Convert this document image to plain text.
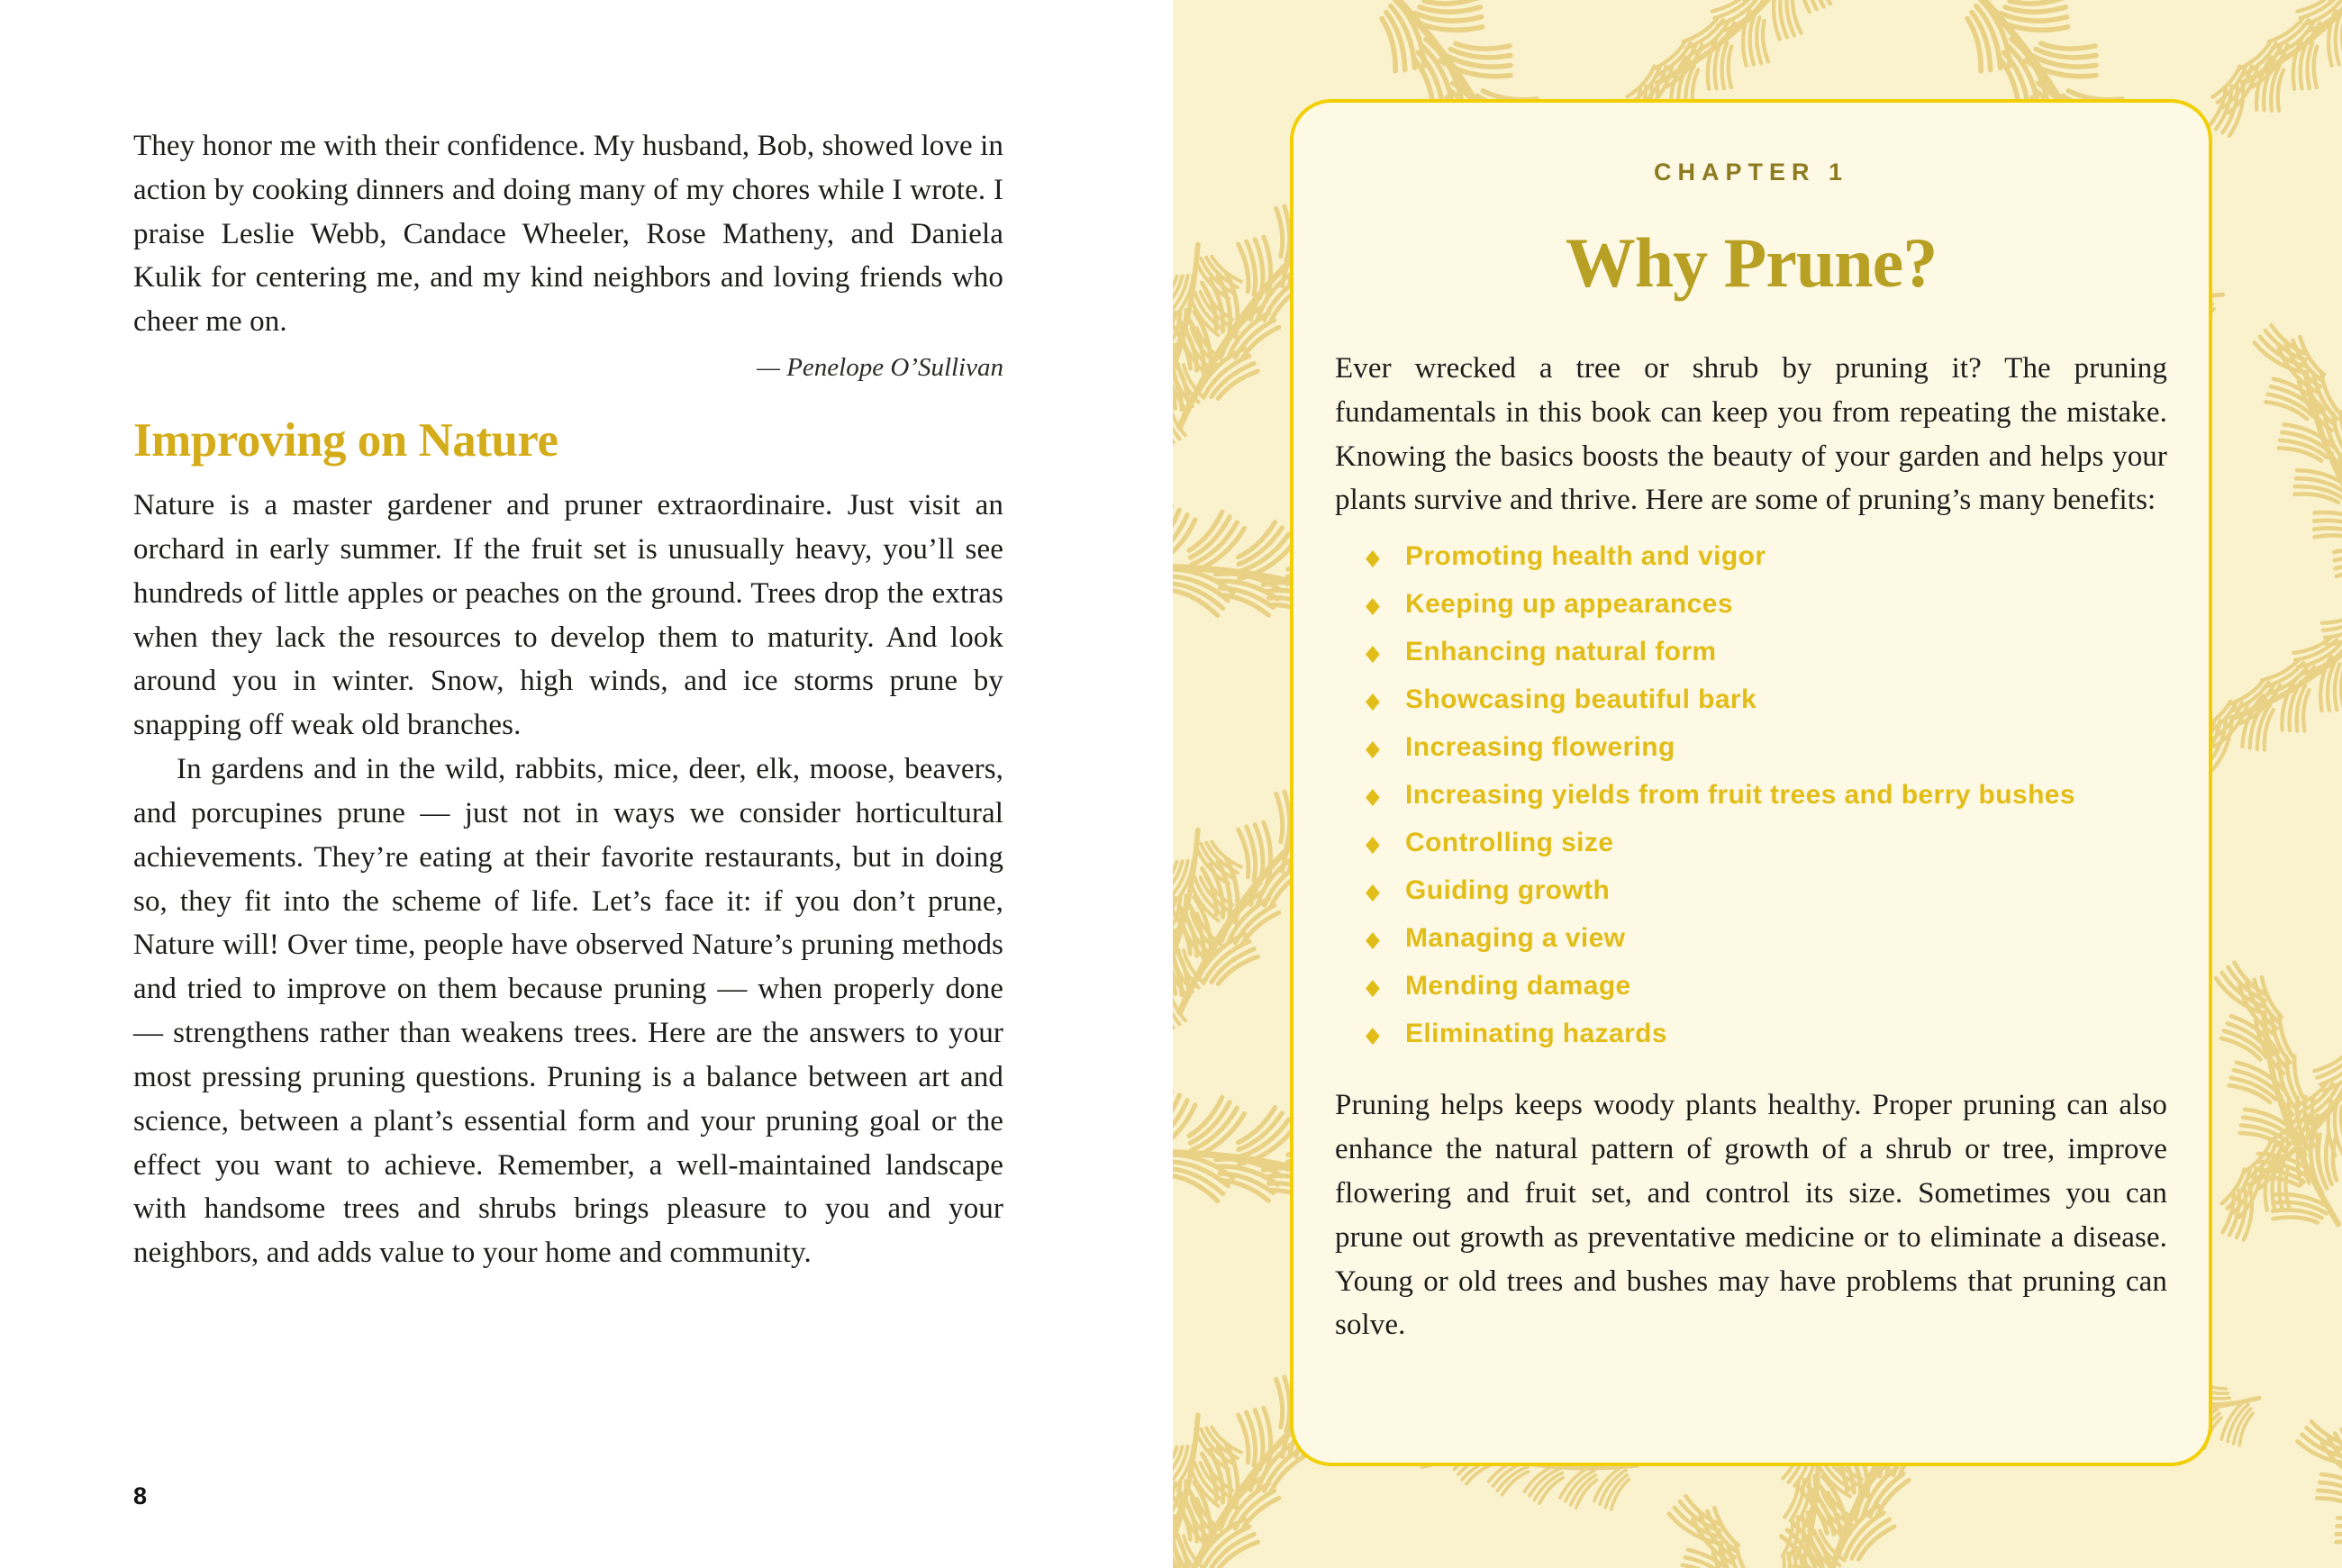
They honor me with their confidence. My husband, Bob, showed love in action by cooking dinners and doing many of my chores while I wrote. I praise Leslie Webb, Candace Wheeler, Rose Matheny, and Daniela Kulik for centering me, and my kind neighbors and loving friends who cheer me on.

— Penelope O’Sullivan

Improving on Nature

Nature is a master gardener and pruner extraordinaire. Just visit an orchard in early summer. If the fruit set is unusually heavy, you’ll see hundreds of little apples or peaches on the ground. Trees drop the extras when they lack the resources to develop them to maturity. And look around you in winter. Snow, high winds, and ice storms prune by snapping off weak old branches.

In gardens and in the wild, rabbits, mice, deer, elk, moose, beavers, and porcupines prune — just not in ways we consider horticultural achievements. They’re eating at their favorite restaurants, but in doing so, they fit into the scheme of life. Let’s face it: if you don’t prune, Nature will! Over time, people have observed Nature’s pruning methods and tried to improve on them because pruning — when properly done — strengthens rather than weakens trees. Here are the answers to your most pressing pruning questions. Pruning is a balance between art and science, between a plant’s essential form and your pruning goal or the effect you want to achieve. Remember, a well-maintained landscape with handsome trees and shrubs brings pleasure to you and your neighbors, and adds value to your home and community.

8

CHAPTER 1

Why Prune?

Ever wrecked a tree or shrub by pruning it? The pruning fundamentals in this book can keep you from repeating the mistake. Knowing the basics boosts the beauty of your garden and helps your plants survive and thrive. Here are some of pruning’s many benefits:

◆ Promoting health and vigor
◆ Keeping up appearances
◆ Enhancing natural form
◆ Showcasing beautiful bark
◆ Increasing flowering
◆ Increasing yields from fruit trees and berry bushes
◆ Controlling size
◆ Guiding growth
◆ Managing a view
◆ Mending damage
◆ Eliminating hazards

Pruning helps keeps woody plants healthy. Proper pruning can also enhance the natural pattern of growth of a shrub or tree, improve flowering and fruit set, and control its size. Sometimes you can prune out growth as preventative medicine or to eliminate a disease. Young or old trees and bushes may have problems that pruning can solve.
